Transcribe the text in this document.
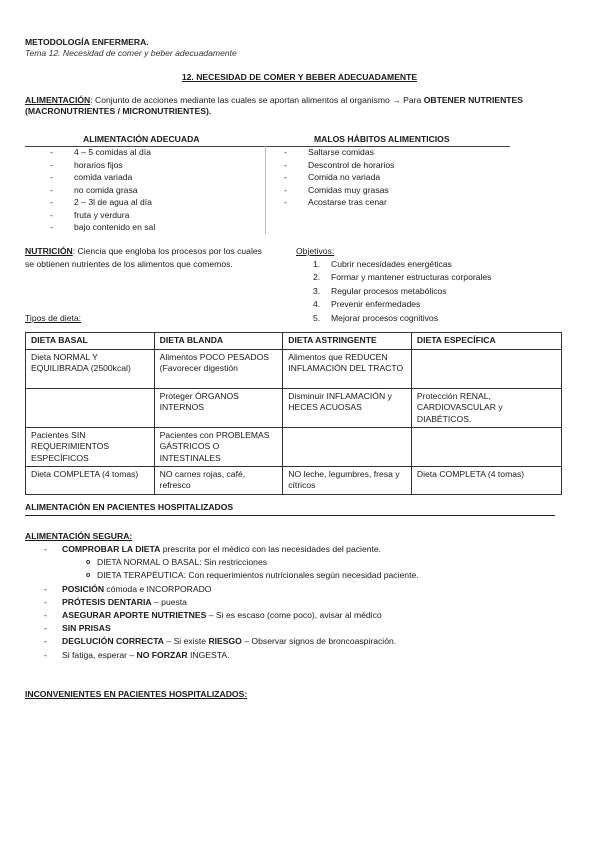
METODOLOGÍA ENFERMERA.
Tema 12. Necesidad de comer y beber adecuadamente
12. NECESIDAD DE COMER Y BEBER ADECUADAMENTE
ALIMENTACIÓN: Conjunto de acciones mediante las cuales se aportan alimentos al organismo → Para OBTENER NUTRIENTES (MACRONUTRIENTES / MICRONUTRIENTES).
ALIMENTACIÓN ADECUADA	MALOS HÁBITOS ALIMENTICIOS
- 4 – 5 comidas al día
- horarios fijos
- comida variada
- no comida grasa
- 2 – 3l de agua al día
- fruta y verdura
- bajo contenido en sal
- Saltarse comidas
- Descontrol de horarios
- Comida no variada
- Comidas muy grasas
- Acostarse tras cenar
NUTRICIÓN: Ciencia que engloba los procesos por los cuales se obtienen nutrientes de los alimentos que comemos.
Objetivos:
1. Cubrir necesidades energéticas
2. Formar y mantener estructuras corporales
3. Regular procesos metabólicos
4. Prevenir enfermedades
5. Mejorar procesos cognitivos
Tipos de dieta:
DIETA BASAL	DIETA BLANDA	DIETA ASTRINGENTE	DIETA ESPECÍFICA
Dieta NORMAL Y EQUILIBRADA (2500kcal)	Alimentos POCO PESADOS (Favorecer digestión	Alimentos que REDUCEN INFLAMACIÓN DEL TRACTO	
	Proteger ÓRGANOS INTERNOS	Disminuir INFLAMACIÓN y HECES ACUOSAS	Protección RENAL, CARDIOVASCULAR y DIABÉTICOS.
Pacientes SIN REQUERIMIENTOS ESPECÍFICOS	Pacientes con PROBLEMAS GÁSTRICOS O INTESTINALES		
Dieta COMPLETA (4 tomas)	NO carnes rojas, café, refresco	NO leche, legumbres, fresa y cítricos	Dieta COMPLETA (4 tomas)
ALIMENTACIÓN EN PACIENTES HOSPITALIZADOS
ALIMENTACIÓN SEGURA:
- COMPROBAR LA DIETA prescrita por el médico con las necesidades del paciente.
o DIETA NORMAL O BASAL: Sin restricciones
o DIETA TERAPÉUTICA: Con requerimientos nutricionales según necesidad paciente.
- POSICIÓN cómoda e INCORPORADO
- PRÓTESIS DENTARIA – puesta
- ASEGURAR APORTE NUTRIETNES – Si es escaso (come poco), avisar al médico
- SIN PRISAS
- DEGLUCIÓN CORRECTA – Si existe RIESGO – Observar signos de broncoaspiración.
- Si fatiga, esperar – NO FORZAR INGESTA.
INCONVENIENTES EN PACIENTES HOSPITALIZADOS:
